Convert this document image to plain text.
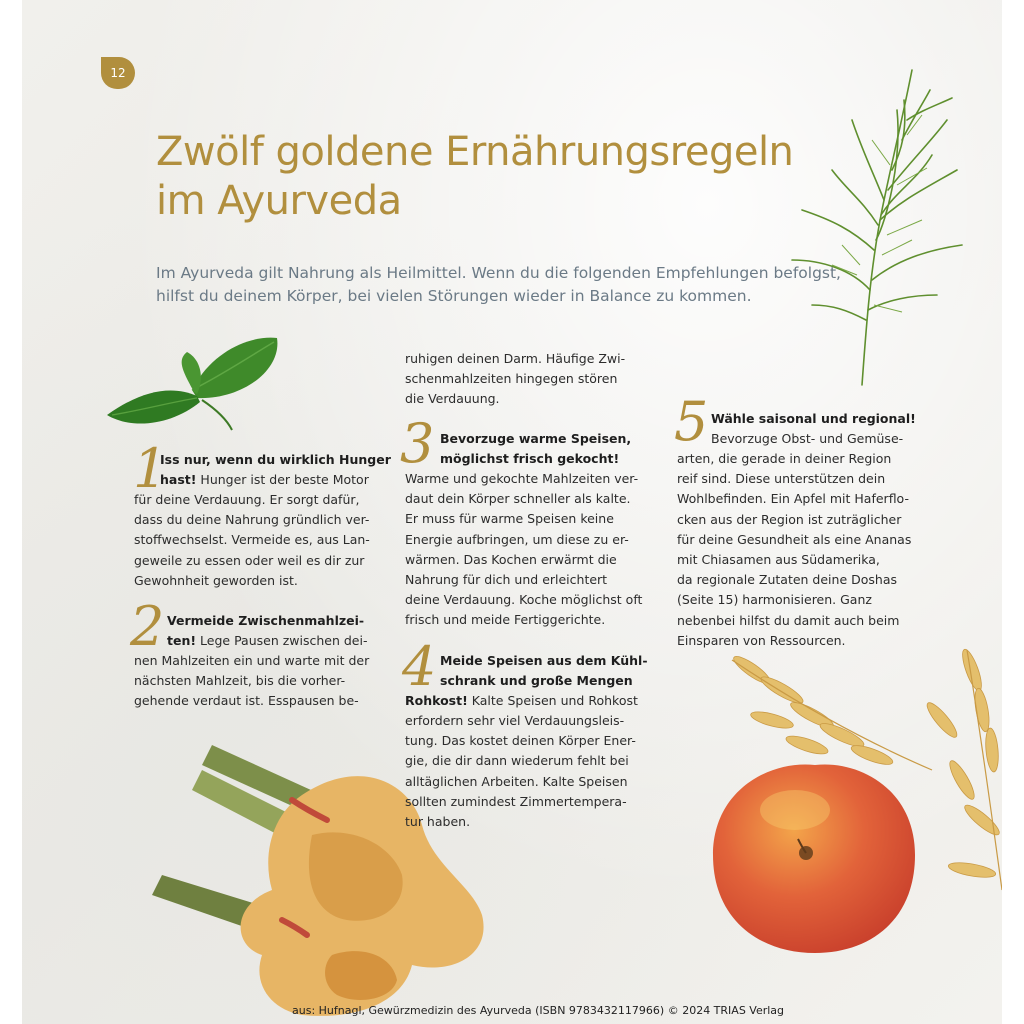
12
Zwölf goldene Ernährungsregeln
im Ayurveda

Im Ayurveda gilt Nahrung als Heilmittel. Wenn du die folgenden Empfehlungen befolgst,
hilfst du deinem Körper, bei vielen Störungen wieder in Balance zu kommen.

1
Iss nur, wenn du wirklich Hunger
hast! Hunger ist der beste Motor
für deine Verdauung. Er sorgt dafür,
dass du deine Nahrung gründlich ver-
stoffwechselst. Vermeide es, aus Lan-
geweile zu essen oder weil es dir zur
Gewohnheit geworden ist.
2 Vermeide Zwischenmahlzei-
ten! Lege Pausen zwischen dei-
nen Mahlzeiten ein und warte mit der
nächsten Mahlzeit, bis die vorher-
gehende verdaut ist. Esspausen be-
ruhigen deinen Darm. Häufige Zwi-
schenmahlzeiten hingegen stören
die Verdauung.
3 Bevorzuge warme Speisen,
möglichst frisch gekocht!
Warme und gekochte Mahlzeiten ver-
daut dein Körper schneller als kalte.
Er muss für warme Speisen keine
Energie aufbringen, um diese zu er-
wärmen. Das Kochen erwärmt die
Nahrung für dich und erleichtert
deine Verdauung. Koche möglichst oft
frisch und meide Fertiggerichte.
4 Meide Speisen aus dem Kühl-
schrank und große Mengen
Rohkost! Kalte Speisen und Rohkost
erfordern sehr viel Verdauungsleis-
tung. Das kostet deinen Körper Ener-
gie, die dir dann wiederum fehlt bei
alltäglichen Arbeiten. Kalte Speisen
sollten zumindest Zimmertempera-
tur haben.
5 Wähle saisonal und regional!
Bevorzuge Obst- und Gemüse-
arten, die gerade in deiner Region
reif sind. Diese unterstützen dein
Wohlbefinden. Ein Apfel mit Haferflo-
cken aus der Region ist zuträglicher
für deine Gesundheit als eine Ananas
mit Chiasamen aus Südamerika,
da regionale Zutaten deine Doshas
(Seite 15) harmonisieren. Ganz
nebenbei hilfst du damit auch beim
Einsparen von Ressourcen.
aus: Hufnagl, Gewürzmedizin des Ayurveda (ISBN 9783432117966) © 2024 TRIAS Verlag
